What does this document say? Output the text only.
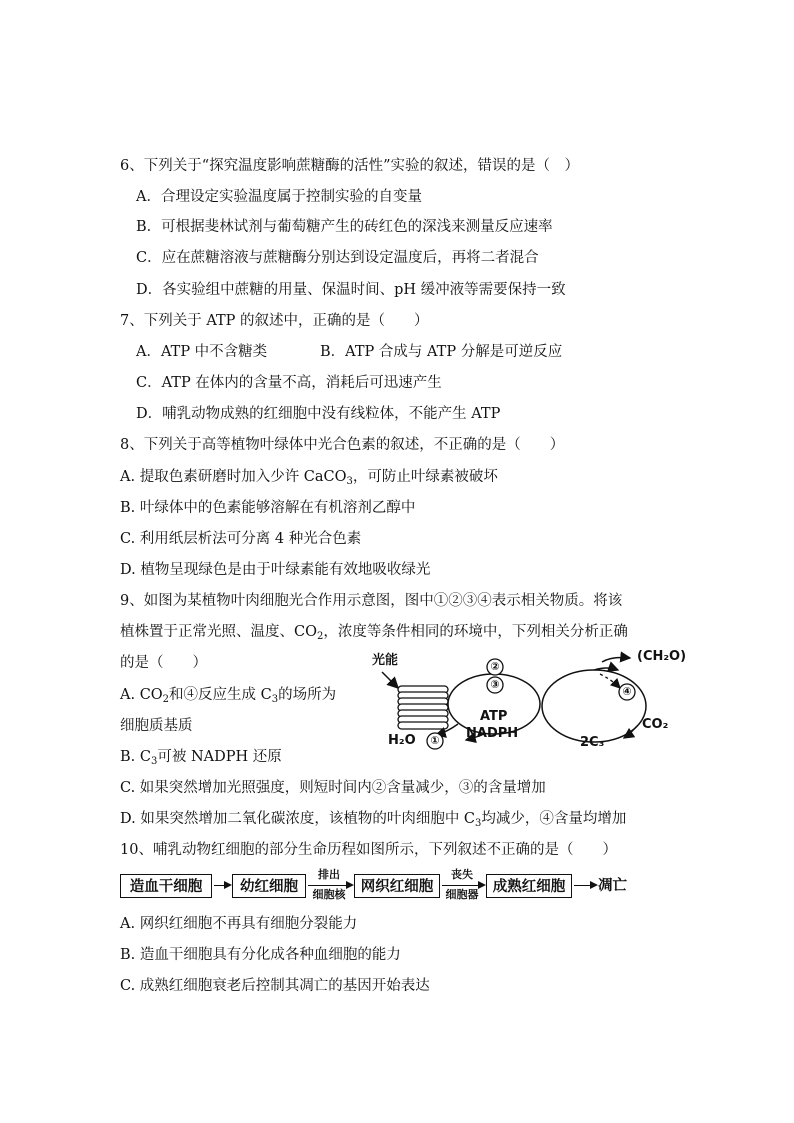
6、下列关于“探究温度影响蔗糖酶的活性”实验的叙述，错误的是（　）
A．合理设定实验温度属于控制实验的自变量
B．可根据斐林试剂与葡萄糖产生的砖红色的深浅来测量反应速率
C．应在蔗糖溶液与蔗糖酶分别达到设定温度后，再将二者混合
D．各实验组中蔗糖的用量、保温时间、pH 缓冲液等需要保持一致
7、下列关于 ATP 的叙述中，正确的是（　　）
A．ATP 中不含糖类	B．ATP 合成与 ATP 分解是可逆反应
C．ATP 在体内的含量不高，消耗后可迅速产生
D．哺乳动物成熟的红细胞中没有线粒体，不能产生 ATP
8、下列关于高等植物叶绿体中光合色素的叙述，不正确的是（　　）
A. 提取色素研磨时加入少许 CaCO$_3$，可防止叶绿素被破坏
B. 叶绿体中的色素能够溶解在有机溶剂乙醇中
C. 利用纸层析法可分离 4 种光合色素
D. 植物呈现绿色是由于叶绿素能有效地吸收绿光
9、如图为某植物叶肉细胞光合作用示意图，图中①②③④表示相关物质。将该
植株置于正常光照、温度、$CO_2$，浓度等条件相同的环境中，下列相关分析正确
的是（　　）
A. $CO_2$和④反应生成 $C_3$的场所为
细胞质基质
B. $C_3$可被 NADPH 还原
C. 如果突然增加光照强度，则短时间内②含量减少，③的含量增加
D. 如果突然增加二氧化碳浓度，该植物的叶肉细胞中 $C_3$均减少，④含量均增加
光能	(CH₂O)
②
③
④
ATP
NADPH
H₂O ①	2C₃
CO₂
10、哺乳动物红细胞的部分生命历程如图所示，下列叙述不正确的是（　　）
造血干细胞	幼红细胞
排出
细胞核	网织红细胞
丧失
细胞器 成熟红细胞	凋亡
A. 网织红细胞不再具有细胞分裂能力
B. 造血干细胞具有分化成各种血细胞的能力
C. 成熟红细胞衰老后控制其凋亡的基因开始表达
